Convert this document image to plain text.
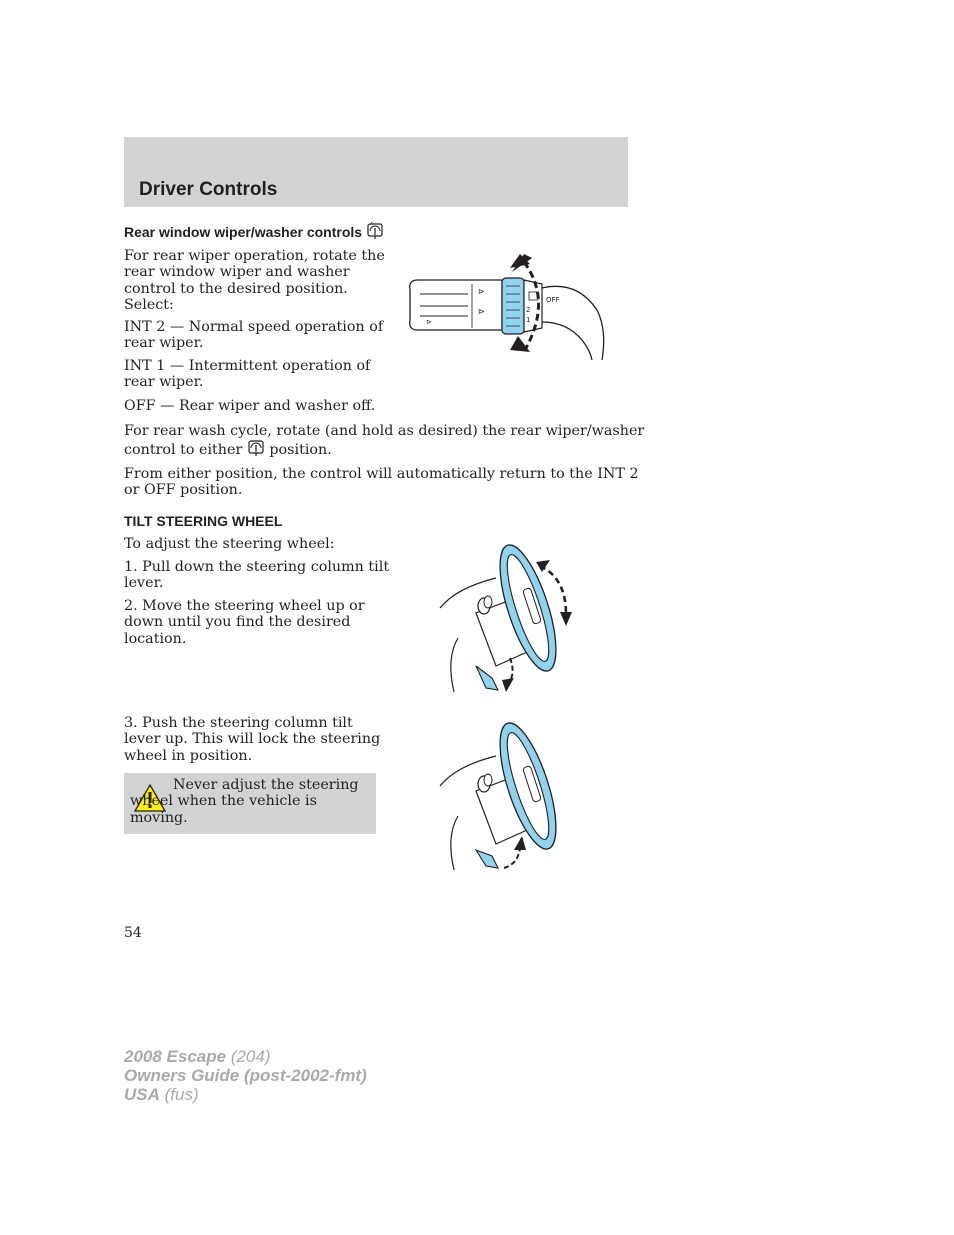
Driver Controls
Rear window wiper/washer controls

For rear wiper operation, rotate the
rear window wiper and washer
control to the desired position.
Select:

INT 2 — Normal speed operation of
rear wiper.

INT 1 — Intermittent operation of
rear wiper.

OFF — Rear wiper and washer off.

⊳
⊳
⊳
2
1
OFF

For rear wash cycle, rotate (and hold as desired) the rear wiper/washer
control to either position.

From either position, the control will automatically return to the INT 2
or OFF position.

TILT STEERING WHEEL

To adjust the steering wheel:

1. Pull down the steering column tilt
lever.

2. Move the steering wheel up or
down until you find the desired
location.

3. Push the steering column tilt
lever up. This will lock the steering
wheel in position.

Never adjust the steering wheel when the vehicle is moving.

54

2008 Escape (204)
Owners Guide (post-2002-fmt)
USA (fus)
